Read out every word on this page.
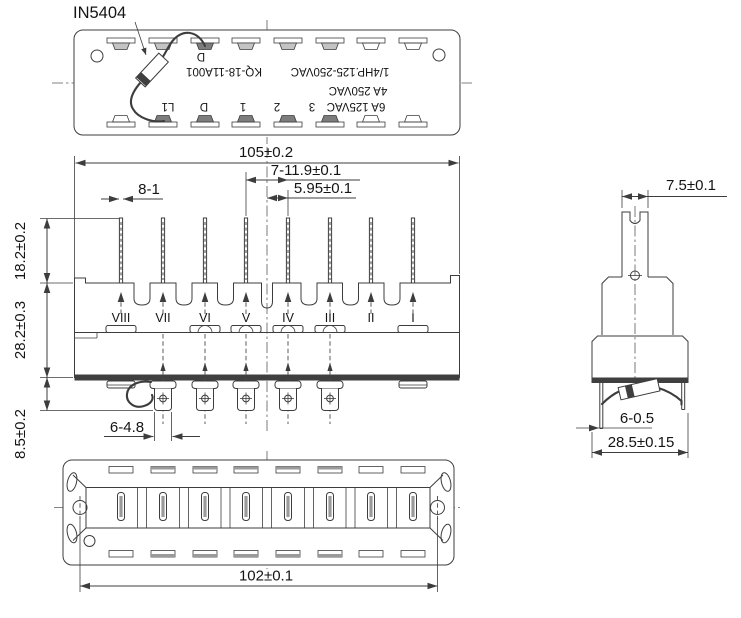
KQ-18-11A001 1/4HP.125-250VAC
4A 250VAC
6A 125VAC
D
L1 D	1 2 3
IN5404
VIII VII VI V	IV III	II	I
105±0.2
7-11.9±0.1
5.95±0.1
8-1
18.2±0.2
28.2±0.3
8.5±0.2	6-4.8
7.5±0.1
6-0.5
28.5±0.15
102±0.1
